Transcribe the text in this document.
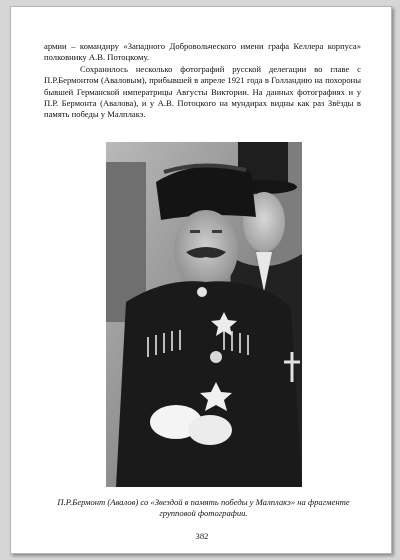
армии – командиру «Западного Добровольческого имени графа Келлера корпуса» полковнику А.В. Потоцкому.

Сохранилось несколько фотографий русской делегации во главе с П.Р.Бермонтом (Аваловым), прибывшей в апреле 1921 года в Голландию на похороны бывшей Германской императрицы Августы Виктории. На данных фотографиях и у П.Р. Бермонта (Авалова), и у А.В. Потоцкого на мундирах видны как раз Звёзды в память победы у Малплакэ.

П.Р.Бермонт (Авалов) со «Звездой в память победы у Малплакэ» на фрагменте групповой фотографии.

382
